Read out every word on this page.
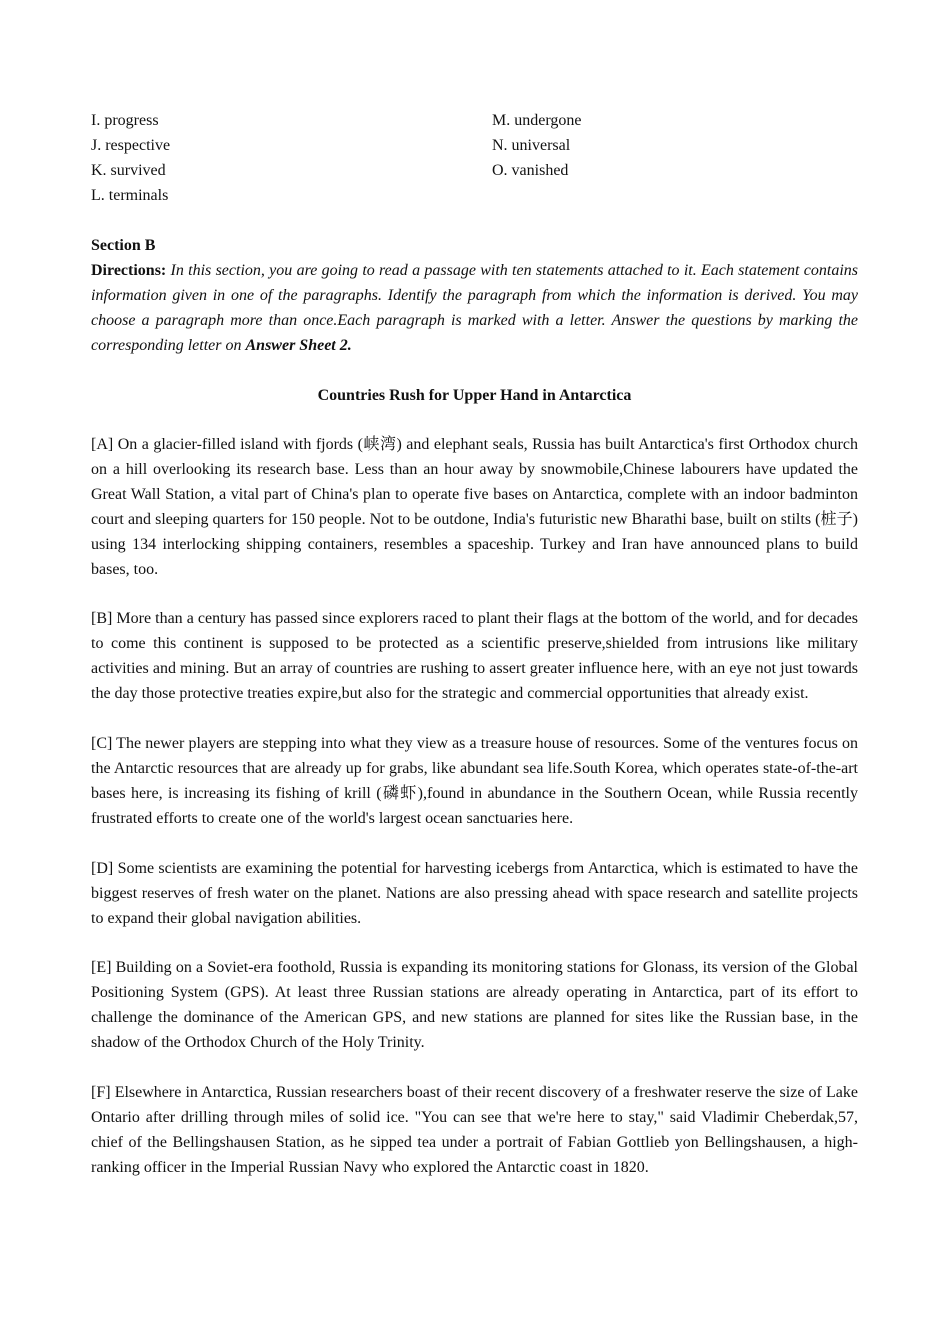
I. progress
J. respective
K. survived
L. terminals
M. undergone
N. universal
O. vanished
Section B
Directions: In this section, you are going to read a passage with ten statements attached to it. Each statement contains information given in one of the paragraphs. Identify the paragraph from which the information is derived. You may choose a paragraph more than once.Each paragraph is marked with a letter. Answer the questions by marking the corresponding letter on Answer Sheet 2.
Countries Rush for Upper Hand in Antarctica
[A] On a glacier-filled island with fjords (峡湾) and elephant seals, Russia has built Antarctica's first Orthodox church on a hill overlooking its research base. Less than an hour away by snowmobile,Chinese labourers have updated the Great Wall Station, a vital part of China's plan to operate five bases on Antarctica, complete with an indoor badminton court and sleeping quarters for 150 people. Not to be outdone, India's futuristic new Bharathi base, built on stilts (桩子) using 134 interlocking shipping containers, resembles a spaceship. Turkey and Iran have announced plans to build bases, too.
[B] More than a century has passed since explorers raced to plant their flags at the bottom of the world, and for decades to come this continent is supposed to be protected as a scientific preserve,shielded from intrusions like military activities and mining. But an array of countries are rushing to assert greater influence here, with an eye not just towards the day those protective treaties expire,but also for the strategic and commercial opportunities that already exist.
[C] The newer players are stepping into what they view as a treasure house of resources. Some of the ventures focus on the Antarctic resources that are already up for grabs, like abundant sea life.South Korea, which operates state-of-the-art bases here, is increasing its fishing of krill (磷虾),found in abundance in the Southern Ocean, while Russia recently frustrated efforts to create one of the world's largest ocean sanctuaries here.
[D] Some scientists are examining the potential for harvesting icebergs from Antarctica, which is estimated to have the biggest reserves of fresh water on the planet. Nations are also pressing ahead with space research and satellite projects to expand their global navigation abilities.
[E] Building on a Soviet-era foothold, Russia is expanding its monitoring stations for Glonass, its version of the Global Positioning System (GPS). At least three Russian stations are already operating in Antarctica, part of its effort to challenge the dominance of the American GPS, and new stations are planned for sites like the Russian base, in the shadow of the Orthodox Church of the Holy Trinity.
[F] Elsewhere in Antarctica, Russian researchers boast of their recent discovery of a freshwater reserve the size of Lake Ontario after drilling through miles of solid ice. "You can see that we're here to stay," said Vladimir Cheberdak,57, chief of the Bellingshausen Station, as he sipped tea under a portrait of Fabian Gottlieb yon Bellingshausen, a high-ranking officer in the Imperial Russian Navy who explored the Antarctic coast in 1820.
